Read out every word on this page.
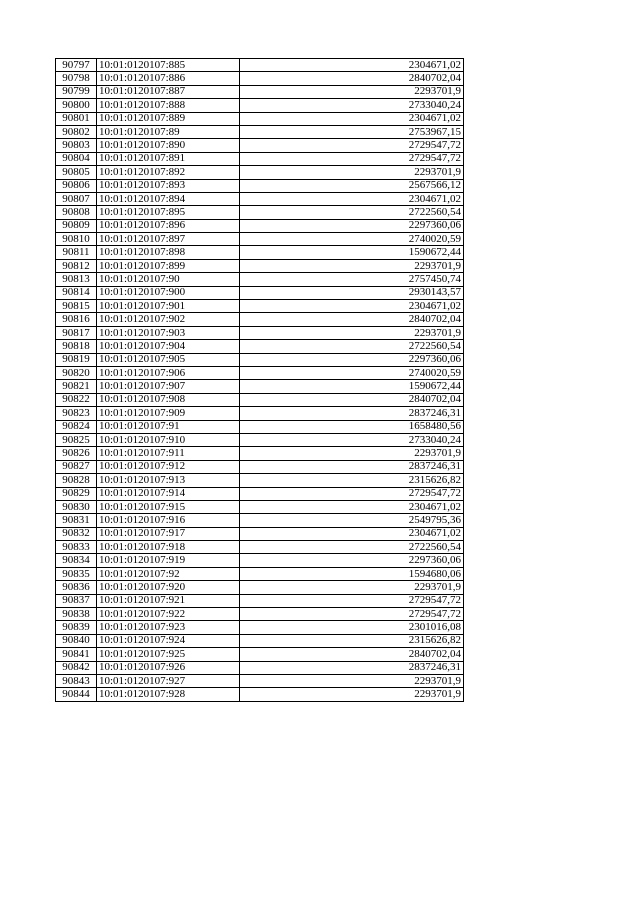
90797	10:01:0120107:885	2304671,02
90798	10:01:0120107:886	2840702,04
90799	10:01:0120107:887	2293701,9
90800	10:01:0120107:888	2733040,24
90801	10:01:0120107:889	2304671,02
90802	10:01:0120107:89	2753967,15
90803	10:01:0120107:890	2729547,72
90804	10:01:0120107:891	2729547,72
90805	10:01:0120107:892	2293701,9
90806	10:01:0120107:893	2567566,12
90807	10:01:0120107:894	2304671,02
90808	10:01:0120107:895	2722560,54
90809	10:01:0120107:896	2297360,06
90810	10:01:0120107:897	2740020,59
90811	10:01:0120107:898	1590672,44
90812	10:01:0120107:899	2293701,9
90813	10:01:0120107:90	2757450,74
90814	10:01:0120107:900	2930143,57
90815	10:01:0120107:901	2304671,02
90816	10:01:0120107:902	2840702,04
90817	10:01:0120107:903	2293701,9
90818	10:01:0120107:904	2722560,54
90819	10:01:0120107:905	2297360,06
90820	10:01:0120107:906	2740020,59
90821	10:01:0120107:907	1590672,44
90822	10:01:0120107:908	2840702,04
90823	10:01:0120107:909	2837246,31
90824	10:01:0120107:91	1658480,56
90825	10:01:0120107:910	2733040,24
90826	10:01:0120107:911	2293701,9
90827	10:01:0120107:912	2837246,31
90828	10:01:0120107:913	2315626,82
90829	10:01:0120107:914	2729547,72
90830	10:01:0120107:915	2304671,02
90831	10:01:0120107:916	2549795,36
90832	10:01:0120107:917	2304671,02
90833	10:01:0120107:918	2722560,54
90834	10:01:0120107:919	2297360,06
90835	10:01:0120107:92	1594680,06
90836	10:01:0120107:920	2293701,9
90837	10:01:0120107:921	2729547,72
90838	10:01:0120107:922	2729547,72
90839	10:01:0120107:923	2301016,08
90840	10:01:0120107:924	2315626,82
90841	10:01:0120107:925	2840702,04
90842	10:01:0120107:926	2837246,31
90843	10:01:0120107:927	2293701,9
90844	10:01:0120107:928	2293701,9
